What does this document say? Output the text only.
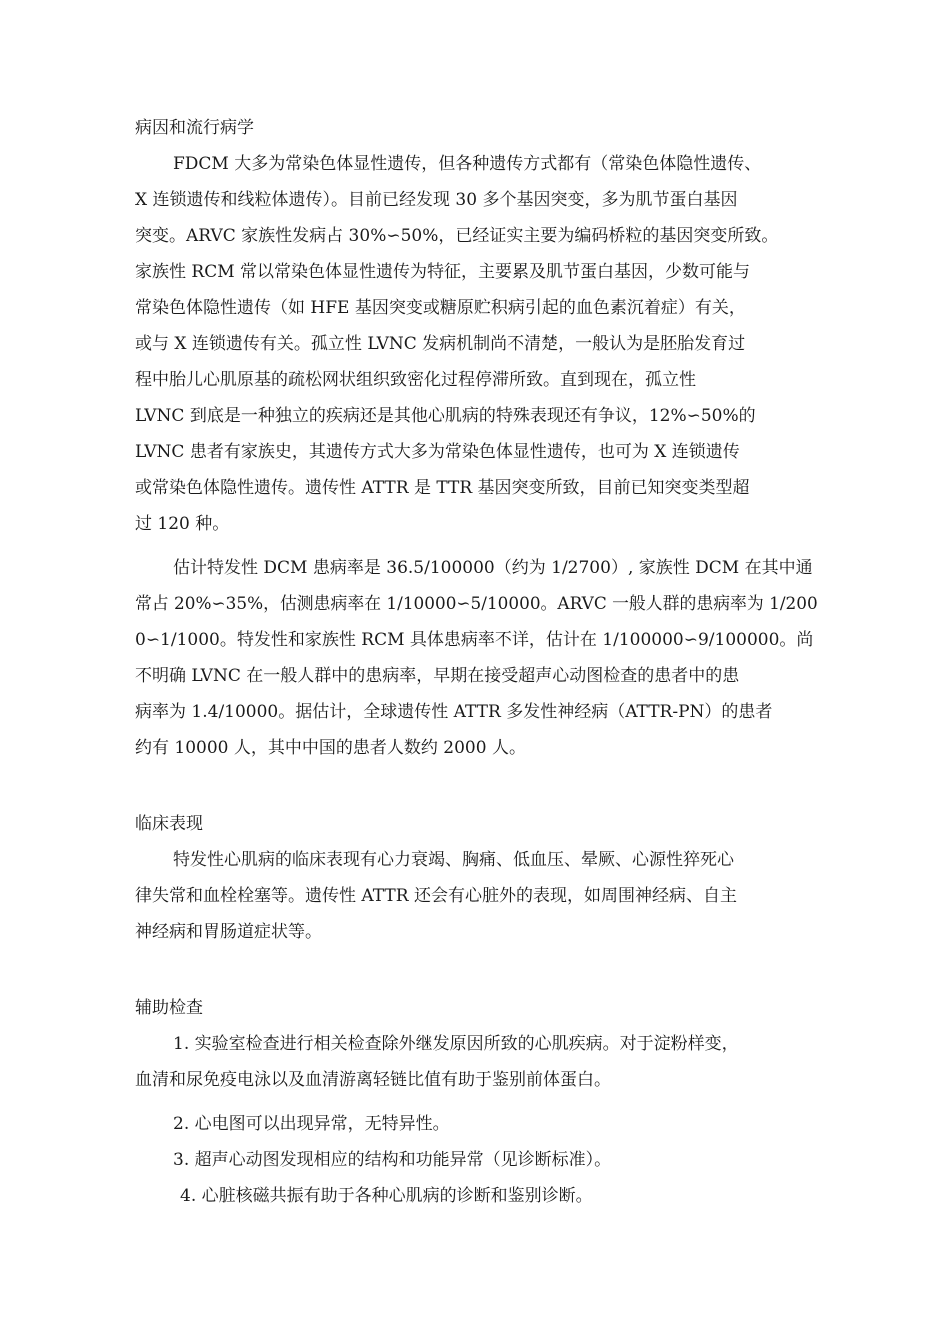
病因和流行病学
FDCM 大多为常染色体显性遗传，但各种遗传方式都有（常染色体隐性遗传、
X 连锁遗传和线粒体遗传）。目前已经发现 30 多个基因突变，多为肌节蛋白基因
突变。ARVC 家族性发病占 30%∽50%，已经证实主要为编码桥粒的基因突变所致。
家族性 RCM 常以常染色体显性遗传为特征，主要累及肌节蛋白基因，少数可能与
常染色体隐性遗传（如 HFE 基因突变或糖原贮积病引起的血色素沉着症）有关，
或与 X 连锁遗传有关。孤立性 LVNC 发病机制尚不清楚，一般认为是胚胎发育过
程中胎儿心肌原基的疏松网状组织致密化过程停滞所致。直到现在，孤立性
LVNC 到底是一种独立的疾病还是其他心肌病的特殊表现还有争议，12%∽50%的
LVNC 患者有家族史，其遗传方式大多为常染色体显性遗传，也可为 X 连锁遗传
或常染色体隐性遗传。遗传性 ATTR 是 TTR 基因突变所致，目前已知突变类型超
过 120 种。
估计特发性 DCM 患病率是 36.5/100000（约为 1/2700）, 家族性 DCM 在其中通
常占 20%∽35%，估测患病率在 1/10000∽5/10000。ARVC 一般人群的患病率为 1/200
0∽1/1000。特发性和家族性 RCM 具体患病率不详，估计在 1/100000∽9/100000。尚
不明确 LVNC 在一般人群中的患病率，早期在接受超声心动图检查的患者中的患
病率为 1.4/10000。据估计，全球遗传性 ATTR 多发性神经病（ATTR-PN）的患者
约有 10000 人，其中中国的患者人数约 2000 人。
临床表现
特发性心肌病的临床表现有心力衰竭、胸痛、低血压、晕厥、心源性猝死心
律失常和血栓栓塞等。遗传性 ATTR 还会有心脏外的表现，如周围神经病、自主
神经病和胃肠道症状等。
辅助检查
1. 实验室检查进行相关检查除外继发原因所致的心肌疾病。对于淀粉样变，
血清和尿免疫电泳以及血清游离轻链比值有助于鉴别前体蛋白。
2. 心电图可以出现异常，无特异性。
3. 超声心动图发现相应的结构和功能异常（见诊断标准）。
4. 心脏核磁共振有助于各种心肌病的诊断和鉴别诊断。
